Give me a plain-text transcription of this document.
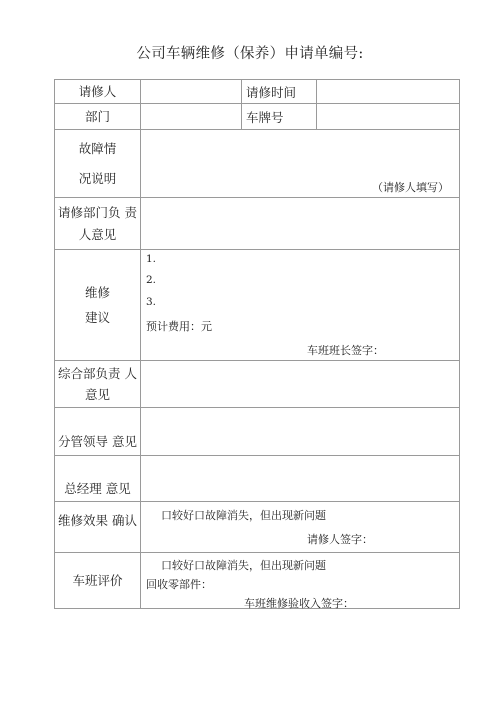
公司车辆维修（保养）申请单编号:
请修人		请修时间	
部门		车牌号	

故障情
况说明	（请修人填写）		

请修部门负 责
人意见			

维修
建议	1.
2.
3.
预计费用：元
车班班长签字：		

综合部负责 人
意见			

分管领导 意见			
总经理 意见			
维修效果 确认	口较好口故障消失，但出现新问题
请修人签字：		

车班评价	口较好口故障消失，但出现新问题
回收零部件：
车班维修验收入签字：		
